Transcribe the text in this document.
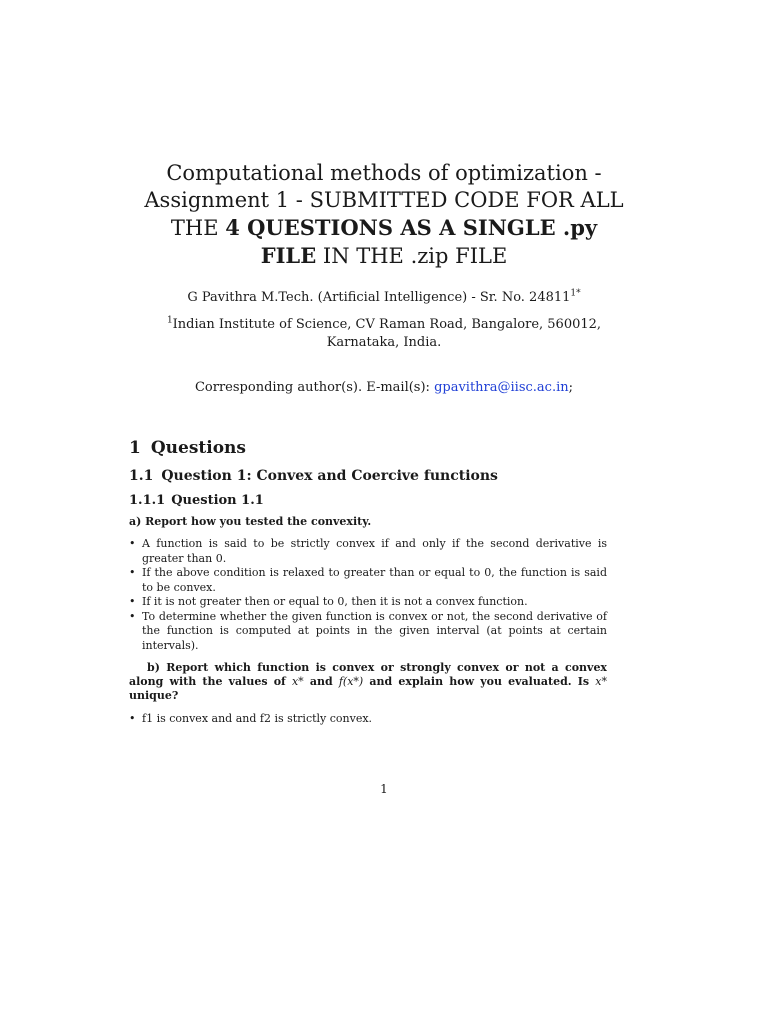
Computational methods of optimization -
Assignment 1 - SUBMITTED CODE FOR ALL
THE 4 QUESTIONS AS A SINGLE .py
FILE IN THE .zip FILE
G Pavithra M.Tech. (Artificial Intelligence) - Sr. No. $24811^{1*}$
$^1$Indian Institute of Science, CV Raman Road, Bangalore, 560012, Karnataka, India.
Corresponding author(s). E-mail(s): gpavithra@iisc.ac.in;
1 Questions
1.1 Question 1: Convex and Coercive functions
1.1.1 Question 1.1
a) Report how you tested the convexity.
• A function is said to be strictly convex if and only if the second derivative is greater than 0.
• If the above condition is relaxed to greater than or equal to 0, the function is said to be convex.
• If it is not greater then or equal to 0, then it is not a convex function.
• To determine whether the given function is convex or not, the second derivative of the function is computed at points in the given interval (at points at certain intervals).
b) Report which function is convex or strongly convex or not a convex along with the values of x* and f(x*) and explain how you evaluated. Is x* unique?
• f1 is convex and and f2 is strictly convex.
1
